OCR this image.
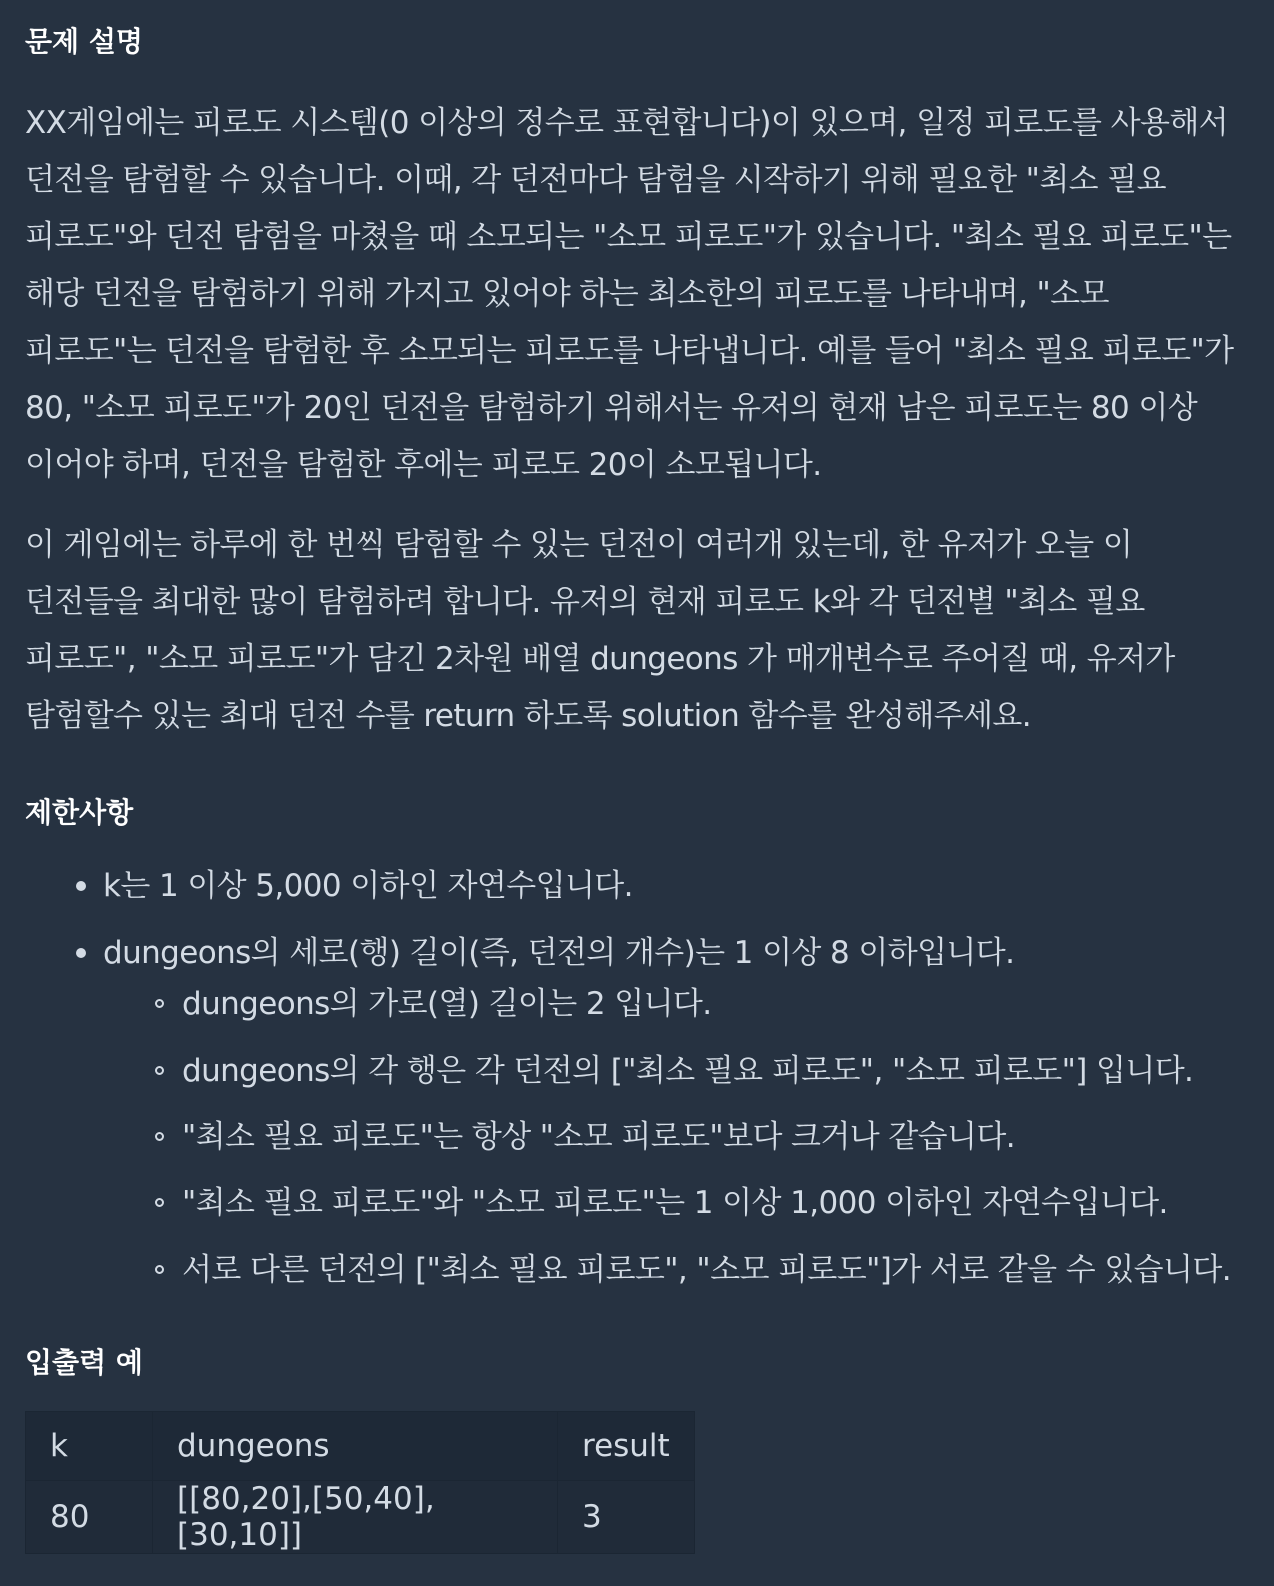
문제 설명

XX게임에는 피로도 시스템(0 이상의 정수로 표현합니다)이 있으며, 일정 피로도를 사용해서 던전을 탐험할 수 있습니다. 이때, 각 던전마다 탐험을 시작하기 위해 필요한 "최소 필요 피로도"와 던전 탐험을 마쳤을 때 소모되는 "소모 피로도"가 있습니다. "최소 필요 피로도"는 해당 던전을 탐험하기 위해 가지고 있어야 하는 최소한의 피로도를 나타내며, "소모 피로도"는 던전을 탐험한 후 소모되는 피로도를 나타냅니다. 예를 들어 "최소 필요 피로도"가 80, "소모 피로도"가 20인 던전을 탐험하기 위해서는 유저의 현재 남은 피로도는 80 이상 이어야 하며, 던전을 탐험한 후에는 피로도 20이 소모됩니다.

이 게임에는 하루에 한 번씩 탐험할 수 있는 던전이 여러개 있는데, 한 유저가 오늘 이 던전들을 최대한 많이 탐험하려 합니다. 유저의 현재 피로도 k와 각 던전별 "최소 필요 피로도", "소모 피로도"가 담긴 2차원 배열 dungeons 가 매개변수로 주어질 때, 유저가 탐험할수 있는 최대 던전 수를 return 하도록 solution 함수를 완성해주세요.

제한사항
k는 1 이상 5,000 이하인 자연수입니다.
dungeons의 세로(행) 길이(즉, 던전의 개수)는 1 이상 8 이하입니다.
dungeons의 가로(열) 길이는 2 입니다.
dungeons의 각 행은 각 던전의 ["최소 필요 피로도", "소모 피로도"] 입니다.
"최소 필요 피로도"는 항상 "소모 피로도"보다 크거나 같습니다.
"최소 필요 피로도"와 "소모 피로도"는 1 이상 1,000 이하인 자연수입니다.
서로 다른 던전의 ["최소 필요 피로도", "소모 피로도"]가 서로 같을 수 있습니다.
입출력 예
k	dungeons	result
80	[[80,20],[50,40],[30,10]]	3
